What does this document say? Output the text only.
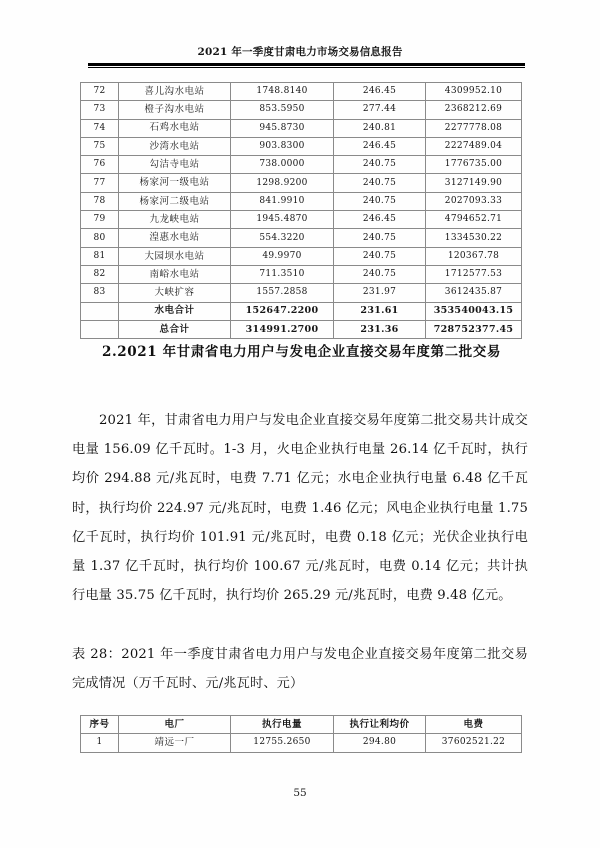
2021 年一季度甘肃电力市场交易信息报告
72	喜儿沟水电站	1748.8140	246.45	4309952.10
73	橙子沟水电站	853.5950	277.44	2368212.69
74	石鸡水电站	945.8730	240.81	2277778.08
75	沙湾水电站	903.8300	246.45	2227489.04
76	勾洁寺电站	738.0000	240.75	1776735.00
77	杨家河一级电站	1298.9200	240.75	3127149.90
78	杨家河二级电站	841.9910	240.75	2027093.33
79	九龙峡电站	1945.4870	246.45	4794652.71
80	湟惠水电站	554.3220	240.75	1334530.22
81	大园坝水电站	49.9970	240.75	120367.78
82	南峪水电站	711.3510	240.75	1712577.53
83	大峡扩容	1557.2858	231.97	3612435.87
	水电合计	152647.2200	231.61	353540043.15
	总合计	314991.2700	231.36	728752377.45
2.2021 年甘肃省电力用户与发电企业直接交易年度第二批交易
2021 年，甘肃省电力用户与发电企业直接交易年度第二批交易共计成交电量 156.09 亿千瓦时。1-3 月，火电企业执行电量 26.14 亿千瓦时，执行均价 294.88 元/兆瓦时，电费 7.71 亿元；水电企业执行电量 6.48 亿千瓦时，执行均价 224.97 元/兆瓦时，电费 1.46 亿元；风电企业执行电量 1.75 亿千瓦时，执行均价 101.91 元/兆瓦时，电费 0.18 亿元；光伏企业执行电量 1.37 亿千瓦时，执行均价 100.67 元/兆瓦时，电费 0.14 亿元；共计执行电量 35.75 亿千瓦时，执行均价 265.29 元/兆瓦时，电费 9.48 亿元。
表 28：2021 年一季度甘肃省电力用户与发电企业直接交易年度第二批交易完成情况（万千瓦时、元/兆瓦时、元）
序号	电厂	执行电量	执行让利均价	电费
1	靖远一厂	12755.2650	294.80	37602521.22
55
